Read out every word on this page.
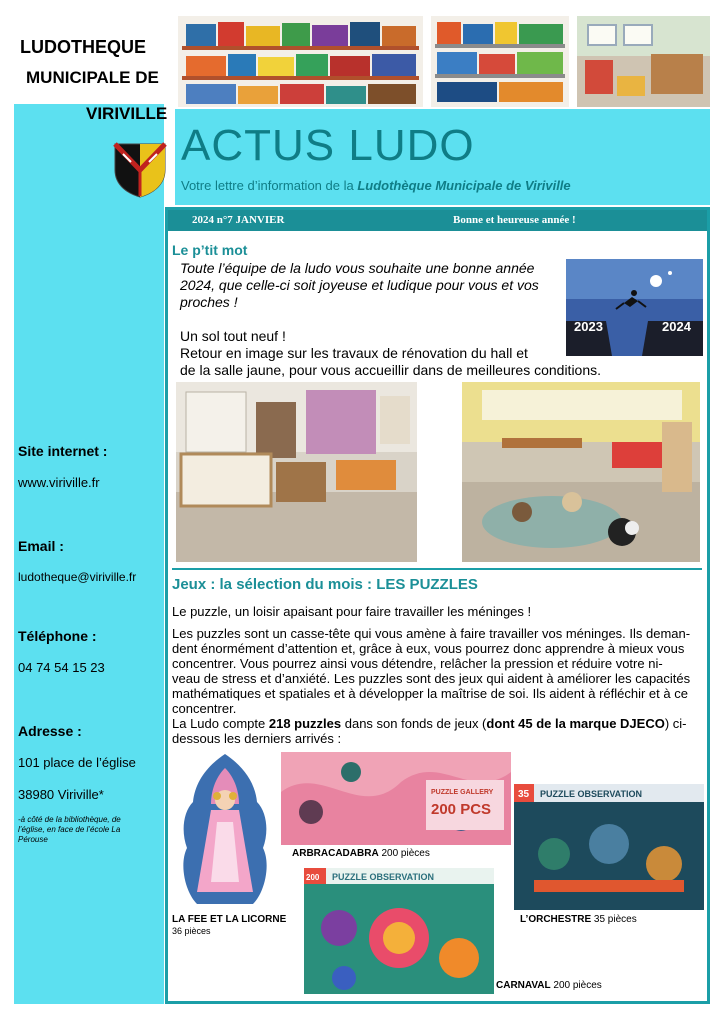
LUDOTHEQUE
MUNICIPALE DE
VIRIVILLE
Site internet :
www.viriville.fr
Email :
ludotheque@viriville.fr
Téléphone :
04 74 54 15 23
Adresse :
101 place de l’église
38980 Viriville*
-à côté de la bibliothèque, de l’église, en face de l’école La Pérouse
ACTUS LUDO
Votre lettre d’information de la Ludothèque Municipale de Viriville
2024 n°7 JANVIER	Bonne et heureuse année !
Le p’tit mot
Toute l’équipe de la ludo vous souhaite une bonne année
2024, que celle-ci soit joyeuse et ludique pour vous et vos
proches !
Un sol tout neuf !
Retour en image sur les travaux de rénovation du hall et
de la salle jaune, pour vous accueillir dans de meilleures conditions.
2023	2024
Jeux : la sélection du mois : LES PUZZLES
Le puzzle, un loisir apaisant pour faire travailler les méninges !
Les puzzles sont un casse-tête qui vous amène à faire travailler vos méninges. Ils deman-
dent énormément d’attention et, grâce à eux, vous pourrez donc apprendre à mieux vous
concentrer. Vous pourrez ainsi vous détendre, relâcher la pression et réduire votre ni-
veau de stress et d’anxiété. Les puzzles sont des jeux qui aident à améliorer les capacités
mathématiques et spatiales et à développer la maîtrise de soi. Ils aident à réfléchir et à ce
concentrer.
La Ludo compte 218 puzzles dans son fonds de jeux (dont 45 de la marque DJECO) ci-
dessous les derniers arrivés :
LA FEE ET LA LICORNE
36 pièces
PUZZLE GALLERY
200 PCS
ARBRACADABRA 200 pièces
35 PUZZLE OBSERVATION
L’ORCHESTRE 35 pièces
200 PUZZLE OBSERVATION
CARNAVAL 200 pièces
